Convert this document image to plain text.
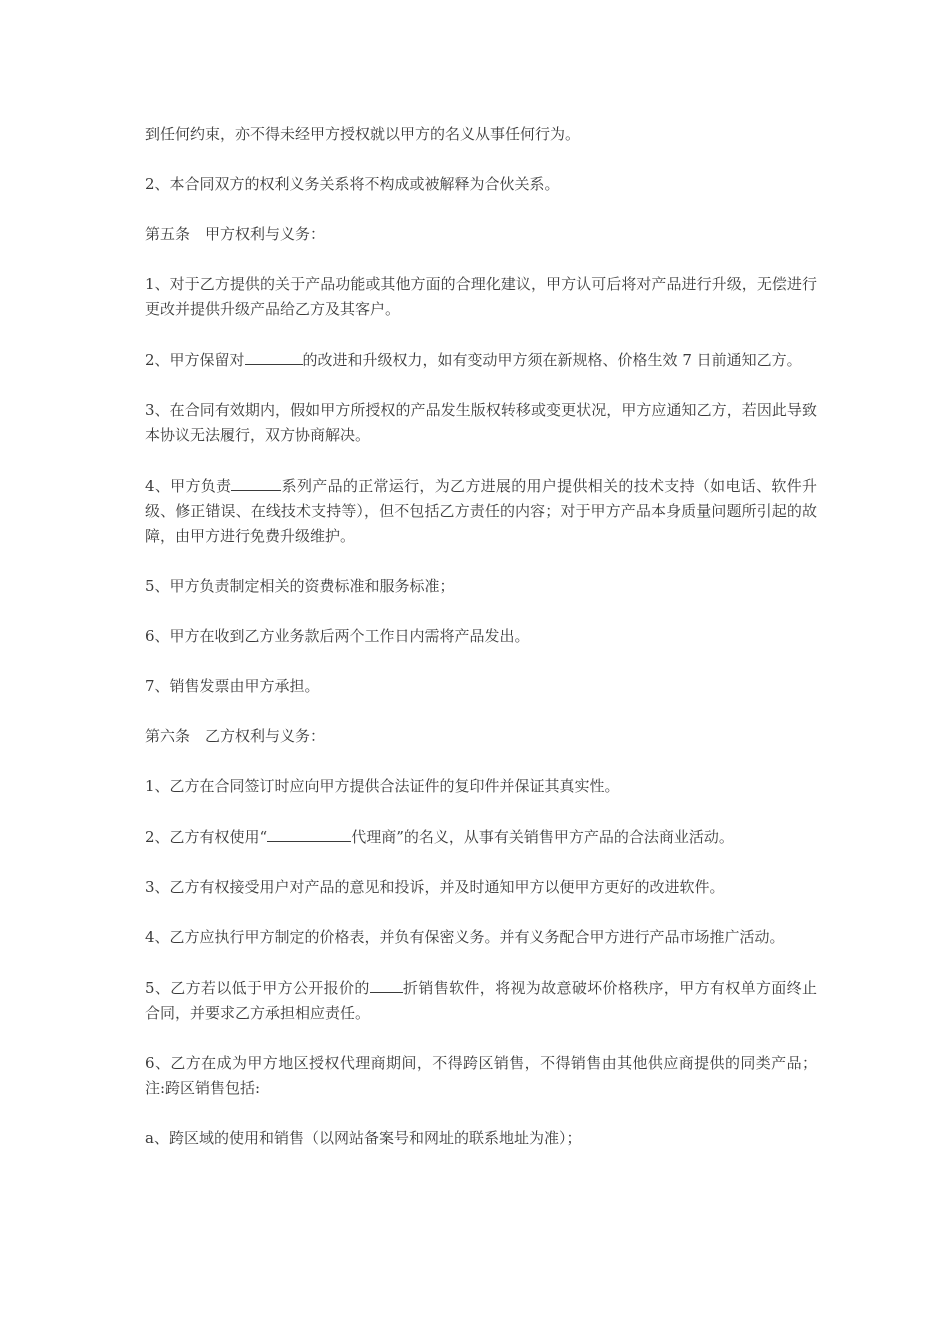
到任何约束，亦不得未经甲方授权就以甲方的名义从事任何行为。

2、本合同双方的权利义务关系将不构成或被解释为合伙关系。

第五条　甲方权利与义务：

1、对于乙方提供的关于产品功能或其他方面的合理化建议，甲方认可后将对产品进行升级，无偿进行更改并提供升级产品给乙方及其客户。

2、甲方保留对	的改进和升级权力，如有变动甲方须在新规格、价格生效 7 日前通知乙方。

3、在合同有效期内，假如甲方所授权的产品发生版权转移或变更状况，甲方应通知乙方，若因此导致本协议无法履行，双方协商解决。

4、甲方负责	系列产品的正常运行，为乙方进展的用户提供相关的技术支持（如电话、软件升级、修正错误、在线技术支持等），但不包括乙方责任的内容；对于甲方产品本身质量问题所引起的故障，由甲方进行免费升级维护。

5、甲方负责制定相关的资费标准和服务标准；

6、甲方在收到乙方业务款后两个工作日内需将产品发出。

7、销售发票由甲方承担。

第六条　乙方权利与义务：

1、乙方在合同签订时应向甲方提供合法证件的复印件并保证其真实性。

2、乙方有权使用“	代理商”的名义，从事有关销售甲方产品的合法商业活动。

3、乙方有权接受用户对产品的意见和投诉，并及时通知甲方以便甲方更好的改进软件。

4、乙方应执行甲方制定的价格表，并负有保密义务。并有义务配合甲方进行产品市场推广活动。

5、乙方若以低于甲方公开报价的 折销售软件，将视为故意破坏价格秩序，甲方有权单方面终止合同，并要求乙方承担相应责任。

6、乙方在成为甲方地区授权代理商期间，不得跨区销售，不得销售由其他供应商提供的同类产品；注:跨区销售包括:

a、跨区域的使用和销售（以网站备案号和网址的联系地址为准）；
